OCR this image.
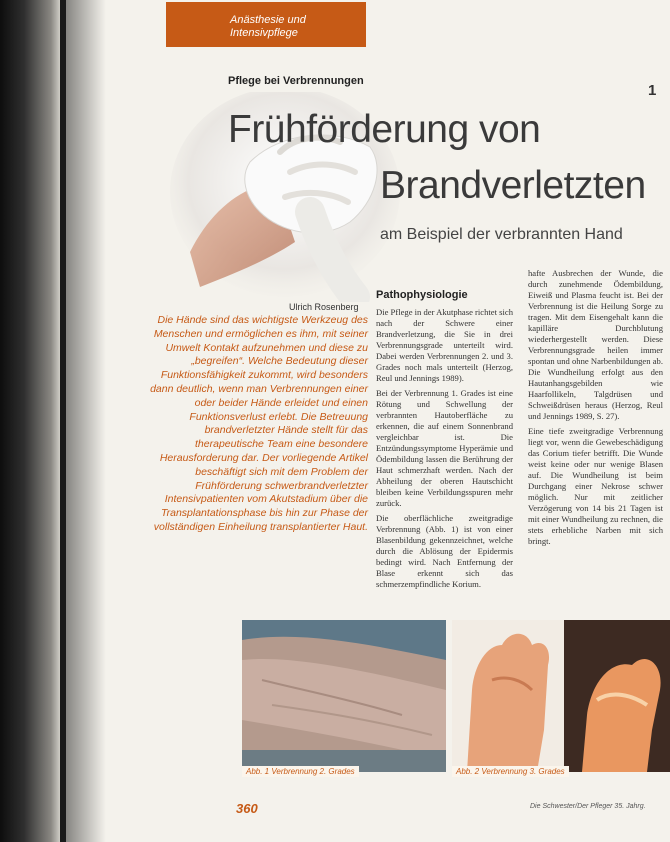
Anästhesie und
Intensivpflege
Pflege bei Verbrennungen
1
Frühförderung von
Brandverletzten
am Beispiel der verbrannten Hand
Ulrich Rosenberg

Die Hände sind das wichtigste Werkzeug des Menschen und ermöglichen es ihm, mit seiner Umwelt Kontakt aufzunehmen und diese zu „begreifen“. Welche Bedeutung dieser Funktionsfähigkeit zukommt, wird besonders dann deutlich, wenn man Verbrennungen einer oder beider Hände erleidet und einen Funktionsverlust erlebt. Die Betreuung brandverletzter Hände stellt für das therapeutische Team eine besondere Herausforderung dar. Der vorliegende Artikel beschäftigt sich mit dem Problem der Frühförderung schwerbrandverletzter Intensivpatienten vom Akutstadium über die Transplantationsphase bis hin zur Phase der vollständigen Einheilung transplantierter Haut.

Pathophysiologie

Die Pflege in der Akutphase richtet sich nach der Schwere einer Brandverletzung, die Sie in drei Verbrennungsgrade unterteilt wird. Dabei werden Verbrennungen 2. und 3. Grades noch mals unterteilt (Herzog, Reul und Jennings 1989).

Bei der Verbrennung 1. Grades ist eine Rötung und Schwellung der verbrannten Hautoberfläche zu erkennen, die auf einem Sonnenbrand vergleichbar ist. Die Entzündungssymptome Hyperämie und Ödembildung lassen die Berührung der Haut schmerzhaft werden. Nach der Abheilung der oberen Hautschicht bleiben keine Verbildungsspuren mehr zurück.

Die oberflächliche zweitgradige Verbrennung (Abb. 1) ist von einer Blasenbildung gekennzeichnet, welche durch die Ablösung der Epidermis bedingt wird. Nach Entfernung der Blase erkennt sich das schmerzempfindliche Korium.

hafte Ausbrechen der Wunde, die durch zunehmende Ödembildung, Eiweiß und Plasma feucht ist. Bei der Verbrennung ist die Heilung Sorge zu tragen. Mit dem Eisengehalt kann die kapilläre Durchblutung wiederhergestellt werden. Diese Verbrennungsgrade heilen immer spontan und ohne Narbenbildungen ab. Die Wundheilung erfolgt aus den Hautanhangsgebilden wie Haarfollikeln, Talgdrüsen und Schweißdrüsen heraus (Herzog, Reul und Jennings 1989, S. 27).

Eine tiefe zweitgradige Verbrennung liegt vor, wenn die Gewebeschädigung das Corium tiefer betrifft. Die Wunde weist keine oder nur wenige Blasen auf. Die Wundheilung ist beim Durchgang einer Nekrose schwer möglich. Nur mit zeitlicher Verzögerung von 14 bis 21 Tagen ist mit einer Wundheilung zu rechnen, die stets erhebliche Narben mit sich bringt.

Abb. 1 Verbrennung 2. Grades	Abb. 2 Verbrennung 3. Grades
360	Die Schwester/Der Pfleger 35. Jahrg.
